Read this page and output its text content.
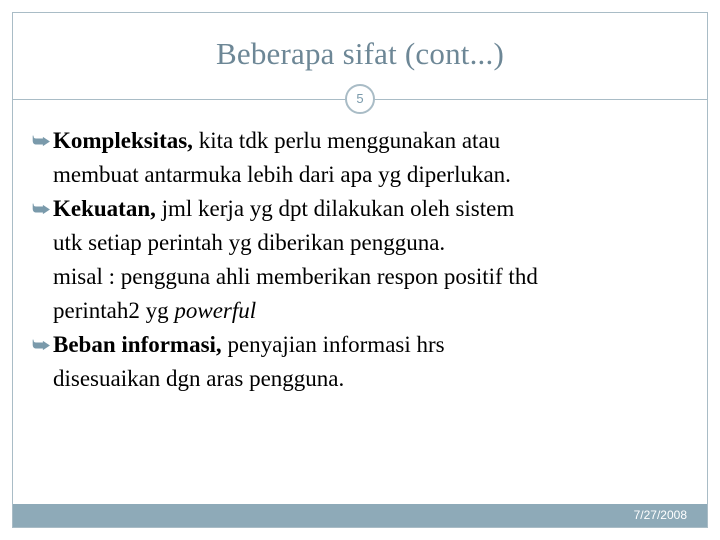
Beberapa sifat (cont...)
5
⮩ Kompleksitas, kita tdk perlu menggunakan atau
membuat antarmuka lebih dari apa yg diperlukan.
⮩ Kekuatan, jml kerja yg dpt dilakukan oleh sistem
utk setiap perintah yg diberikan pengguna.
misal : pengguna ahli memberikan respon positif thd
perintah2 yg powerful
⮩ Beban informasi, penyajian informasi hrs
disesuaikan dgn aras pengguna.
7/27/2008
